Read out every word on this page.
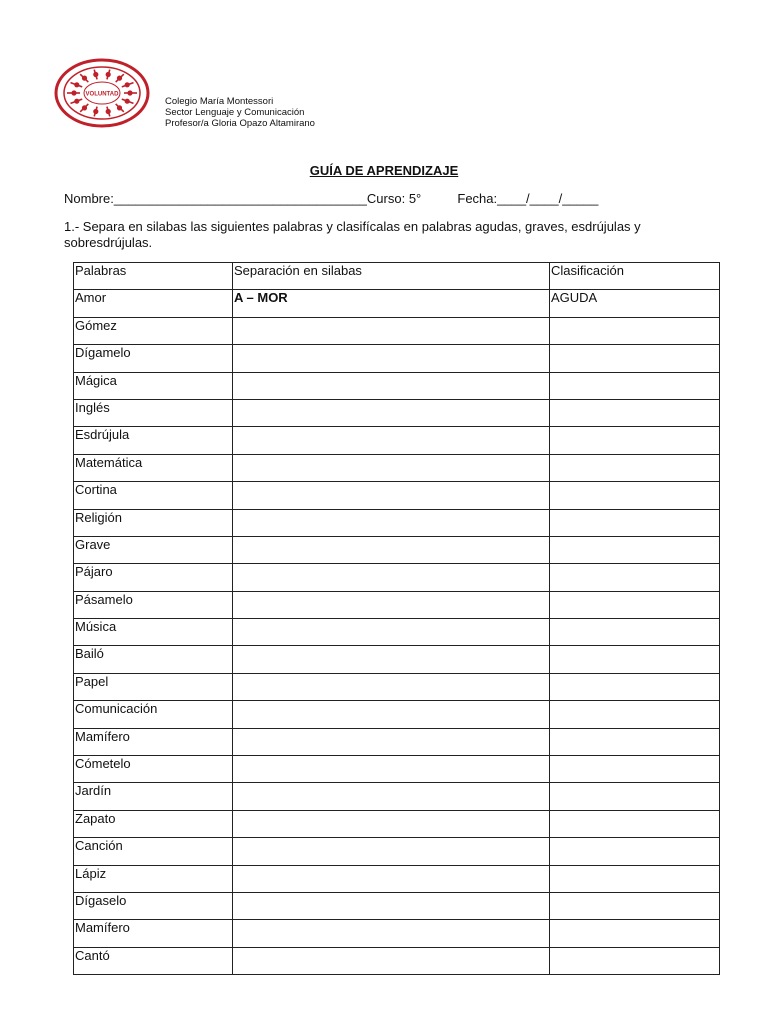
VOLUNTAD
Colegio María Montessori
Sector Lenguaje y Comunicación
Profesor/a Gloria Opazo Altamirano
GUÍA DE APRENDIZAJE
Nombre:___________________________________Curso: 5°	Fecha:____/____/_____
1.- Separa en silabas las siguientes palabras y clasifícalas en palabras agudas, graves, esdrújulas y sobresdrújulas.
Palabras	Separación en silabas	Clasificación
Amor	A – MOR	AGUDA
Gómez		
Dígamelo		
Mágica		
Inglés		
Esdrújula		
Matemática		
Cortina		
Religión		
Grave		
Pájaro		
Pásamelo		
Música		
Bailó		
Papel		
Comunicación		
Mamífero		
Cómetelo		
Jardín		
Zapato		
Canción		
Lápiz		
Dígaselo		
Mamífero		
Cantó		
